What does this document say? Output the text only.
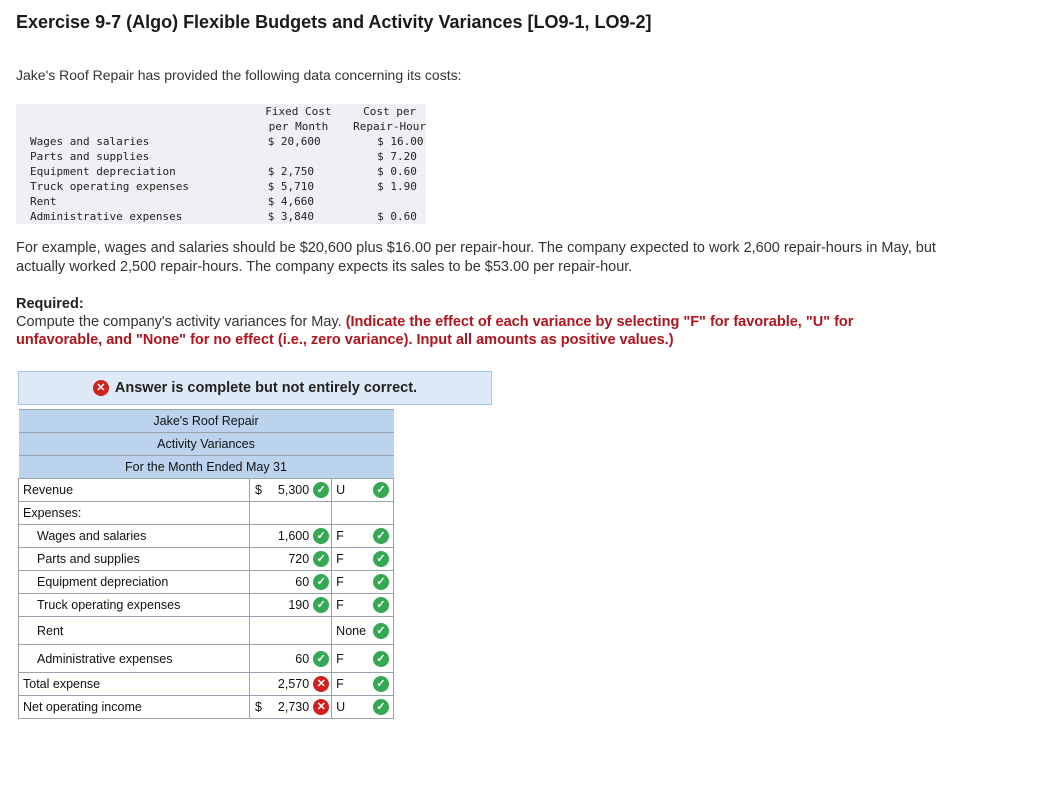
Exercise 9-7 (Algo) Flexible Budgets and Activity Variances [LO9-1, LO9-2]
Jake's Roof Repair has provided the following data concerning its costs:
	Fixed Cost	Cost per
	per Month	Repair-Hour
Wages and salaries	$ 20,600	$ 16.00
Parts and supplies		$ 7.20
Equipment depreciation	$ 2,750	$ 0.60
Truck operating expenses	$ 5,710	$ 1.90
Rent	$ 4,660	
Administrative expenses	$ 3,840	$ 0.60
For example, wages and salaries should be $20,600 plus $16.00 per repair-hour. The company expected to work 2,600 repair-hours in May, but actually worked 2,500 repair-hours. The company expects its sales to be $53.00 per repair-hour.
Required:
Compute the company's activity variances for May. (Indicate the effect of each variance by selecting "F" for favorable, "U" for unfavorable, and "None" for no effect (i.e., zero variance). Input all amounts as positive values.)
✕ Answer is complete but not entirely correct.
Jake's Roof Repair		
Activity Variances		
For the Month Ended May 31		
Revenue	$ 5,300 ✓	U ✓

Expenses:		
Wages and salaries	1,600 ✓	F ✓

Parts and supplies	720 ✓	F ✓

Equipment depreciation	60 ✓	F ✓

Truck operating expenses	190 ✓	F ✓

Rent		None ✓

Administrative expenses	60 ✓	F ✓

Total expense	2,570 ✕	F ✓

Net operating income	$ 2,730 ✕	U ✓
